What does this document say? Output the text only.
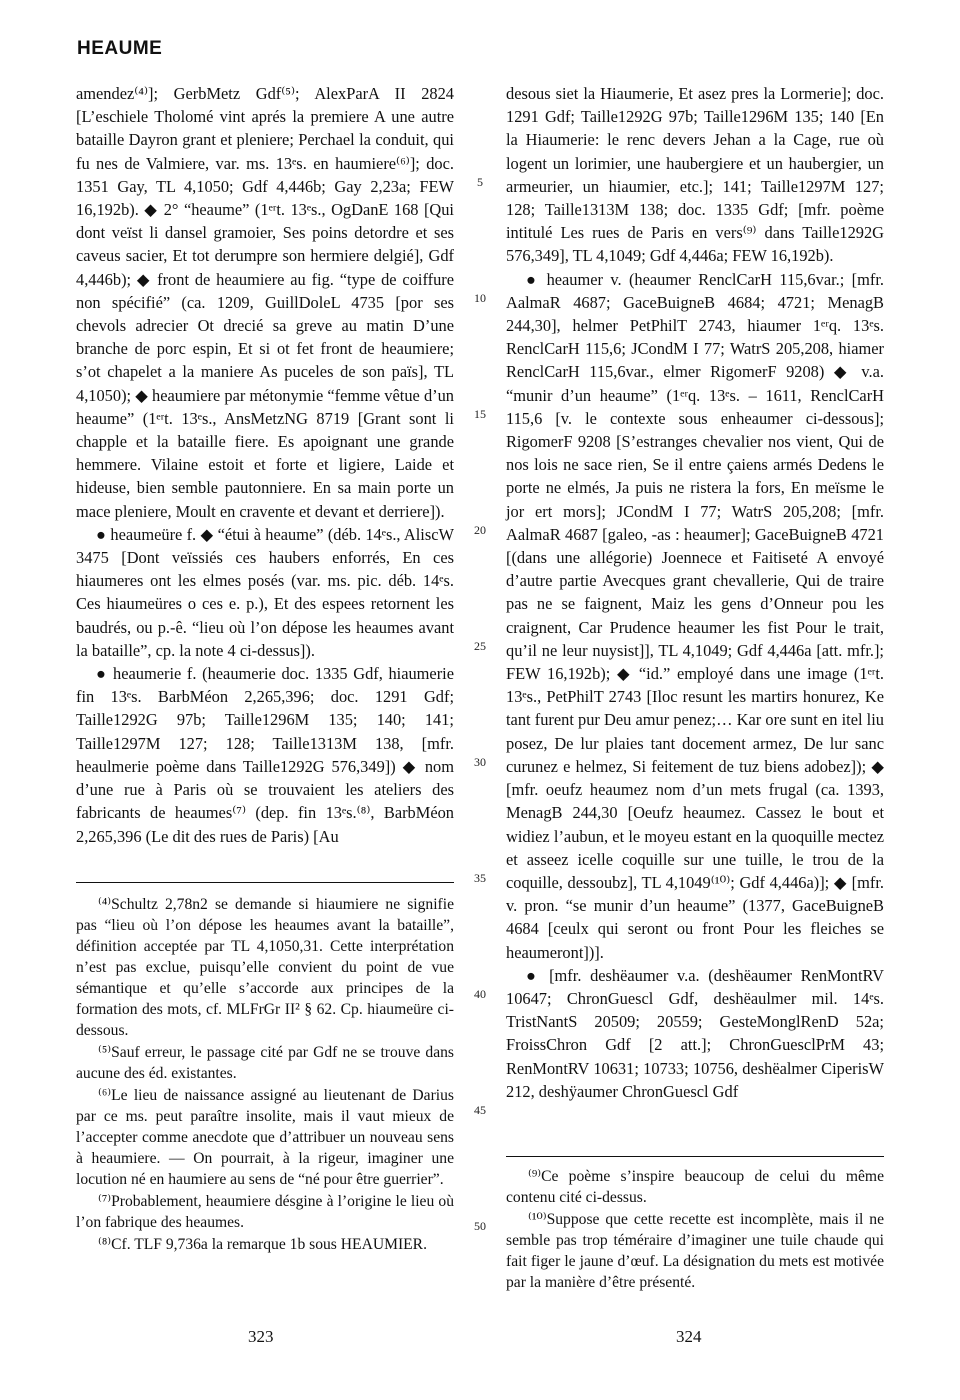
HEAUME

amendez⁽⁴⁾]; GerbMetz Gdf⁽⁵⁾; AlexParA II 2824 [L’eschiele Tholomé vint aprés la premiere A une autre bataille Dayron grant et pleniere; Perchael la conduit, qui fu nes de Valmiere, var. ms. 13ᵉs. en haumiere⁽⁶⁾]; doc. 1351 Gay, TL 4,1050; Gdf 4,446b; Gay 2,23a; FEW 16,192b). ◆ 2° “heaume” (1ᵉʳt. 13ᵉs., OgDanE 168 [Qui dont veïst li dansel gramoier, Ses poins detordre et ses caveus sacier, Et tot derumpre son hermiere delgié], Gdf 4,446b); ◆ front de heaumiere au fig. “type de coiffure non spécifié” (ca. 1209, GuillDoleL 4735 [por ses chevols adrecier Ot drecié sa greve au matin D’une branche de porc espin, Et si ot fet front de heaumiere; s’ot chapelet a la maniere As puceles de son païs], TL 4,1050); ◆ heaumiere par métonymie “femme vêtue d’un heaume” (1ᵉʳt. 13ᵉs., AnsMetzNG 8719 [Grant sont li chapple et la bataille fiere. Es apoignant une grande hemmere. Vilaine estoit et forte et ligiere, Laide et hideuse, bien semble pautonniere. En sa main porte un mace pleniere, Moult en cravente et devant et derriere]).

● heaumeüre f. ◆ “étui à heaume” (déb. 14ᵉs., AliscW 3475 [Dont veïssiés ces haubers enforrés, En ces hiaumeres ont les elmes posés (var. ms. pic. déb. 14ᵉs. Ces hiaumeüres o ces e. p.), Et des espees retornent les baudrés, ou p.-ê. “lieu où l’on dépose les heaumes avant la bataille”, cp. la note 4 ci-dessus]).

● heaumerie f. (heaumerie doc. 1335 Gdf, hiaumerie fin 13ᵉs. BarbMéon 2,265,396; doc. 1291 Gdf; Taille1292G 97b; Taille1296M 135; 140; 141; Taille1297M 127; 128; Taille1313M 138, [mfr. heaulmerie poème dans Taille1292G 576,349]) ◆ nom d’une rue à Paris où se trouvaient les ateliers des fabricants de heaumes⁽⁷⁾ (dep. fin 13ᵉs.⁽⁸⁾, BarbMéon 2,265,396 (Le dit des rues de Paris) [Au

5
10
15
20
25
30
35
40
45
50

desous siet la Hiaumerie, Et asez pres la Lormerie]; doc. 1291 Gdf; Taille1292G 97b; Taille1296M 135; 140 [En la Hiaumerie: le renc devers Jehan a la Cage, rue où logent un lorimier, une haubergiere et un haubergier, un armeurier, un hiaumier, etc.]; 141; Taille1297M 127; 128; Taille1313M 138; doc. 1335 Gdf; [mfr. poème intitulé Les rues de Paris en vers⁽⁹⁾ dans Taille1292G 576,349], TL 4,1049; Gdf 4,446a; FEW 16,192b).

● heaumer v. (heaumer RenclCarH 115,6var.; [mfr. AalmaR 4687; GaceBuigneB 4684; 4721; MenagB 244,30], helmer PetPhilT 2743, hiaumer 1ᵉʳq. 13ᵉs. RenclCarH 115,6; JCondM I 77; WatrS 205,208, hiamer RenclCarH 115,6var., elmer RigomerF 9208) ◆ v.a. “munir d’un heaume” (1ᵉʳq. 13ᵉs. – 1611, RenclCarH 115,6 [v. le contexte sous enheaumer ci-dessous]; RigomerF 9208 [S’estranges chevalier nos vient, Qui de nos lois ne sace rien, Se il entre çaiens armés Dedens le porte ne elmés, Ja puis ne ristera la fors, En meïsme le jor ert mors]; JCondM I 77; WatrS 205,208; [mfr. AalmaR 4687 [galeo, -as : heaumer]; GaceBuigneB 4721 [(dans une allégorie) Joennece et Faitiseté A envoyé d’autre partie Avecques grant chevallerie, Qui de traire pas ne se faignent, Maiz les gens d’Onneur pou les craignent, Car Prudence heaumer les fist Pour le trait, qu’il ne leur nuysist]], TL 4,1049; Gdf 4,446a [att. mfr.]; FEW 16,192b); ◆ “id.” employé dans une image (1ᵉʳt. 13ᵉs., PetPhilT 2743 [Iloc resunt les martirs honurez, Ke tant furent pur Deu amur penez;… Kar ore sunt en itel liu posez, De lur plaies tant docement armez, De lur sanc curunez e helmez, Si feitement de tuz biens adobez]); ◆ [mfr. oeufz heaumez nom d’un mets frugal (ca. 1393, MenagB 244,30 [Oeufz heaumez. Cassez le bout et widiez l’aubun, et le moyeu estant en la quoquille mectez et asseez icelle coquille sur une tuille, le trou de la coquille, dessoubz], TL 4,1049⁽¹⁰⁾; Gdf 4,446a)]; ◆ [mfr. v. pron. “se munir d’un heaume” (1377, GaceBuigneB 4684 [ceulx qui seront ou front Pour les fleiches se heaumeront])].

● [mfr. deshëaumer v.a. (deshëaumer RenMontRV 10647; ChronGuescl Gdf, deshëaulmer mil. 14ᵉs. TristNantS 20509; 20559; GesteMonglRenD 52a; FroissChron Gdf [2 att.]; ChronGuesclPrM 43; RenMontRV 10631; 10733; 10756, deshëalmer CiperisW 212, deshÿaumer ChronGuescl Gdf

⁽⁴⁾Schultz 2,78n2 se demande si hiaumiere ne signifie pas “lieu où l’on dépose les heaumes avant la bataille”, définition acceptée par TL 4,1050,31. Cette interprétation n’est pas exclue, puisqu’elle convient du point de vue sémantique et qu’elle s’accorde aux principes de la formation des mots, cf. MLFrGr II² § 62. Cp. hiaumeüre ci-dessous.

⁽⁵⁾Sauf erreur, le passage cité par Gdf ne se trouve dans aucune des éd. existantes.

⁽⁶⁾Le lieu de naissance assigné au lieutenant de Darius par ce ms. peut paraître insolite, mais il vaut mieux de l’accepter comme anecdote que d’attribuer un nouveau sens à heaumiere. — On pourrait, à la rigeur, imaginer une locution né en haumiere au sens de “né pour être guerrier”.

⁽⁷⁾Probablement, heaumiere désgine à l’origine le lieu où l’on fabrique des heaumes.

⁽⁸⁾Cf. TLF 9,736a la remarque 1b sous HEAUMIER.

⁽⁹⁾Ce poème s’inspire beaucoup de celui du même contenu cité ci-dessus.

⁽¹⁰⁾Suppose que cette recette est incomplète, mais il ne semble pas trop téméraire d’imaginer une tuile chaude qui fait figer le jaune d’œuf. La désignation du mets est motivée par la manière d’être présenté.

323	324
